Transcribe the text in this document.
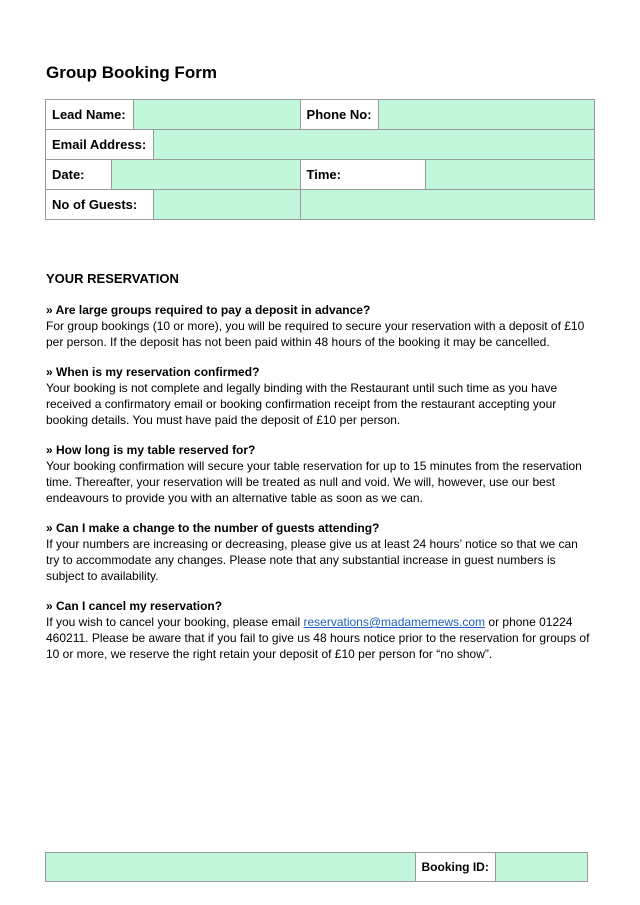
Group Booking Form
Lead Name:				Phone No:		
Email Address:						
Date:				Time:		
No of Guests:						
YOUR RESERVATION
» Are large groups required to pay a deposit in advance?
For group bookings (10 or more), you will be required to secure your reservation with a deposit of £10 per person. If the deposit has not been paid within 48 hours of the booking it may be cancelled.
» When is my reservation confirmed?
Your booking is not complete and legally binding with the Restaurant until such time as you have received a confirmatory email or booking confirmation receipt from the restaurant accepting your booking details. You must have paid the deposit of £10 per person.
» How long is my table reserved for?
Your booking confirmation will secure your table reservation for up to 15 minutes from the reservation time. Thereafter, your reservation will be treated as null and void. We will, however, use our best endeavours to provide you with an alternative table as soon as we can.
» Can I make a change to the number of guests attending?
If your numbers are increasing or decreasing, please give us at least 24 hours’ notice so that we can try to accommodate any changes. Please note that any substantial increase in guest numbers is subject to availability.
» Can I cancel my reservation?
If you wish to cancel your booking, please email reservations@madamemews.com or phone 01224 460211. Please be aware that if you fail to give us 48 hours notice prior to the reservation for groups of 10 or more, we reserve the right retain your deposit of £10 per person for “no show”.
	Booking ID:	
